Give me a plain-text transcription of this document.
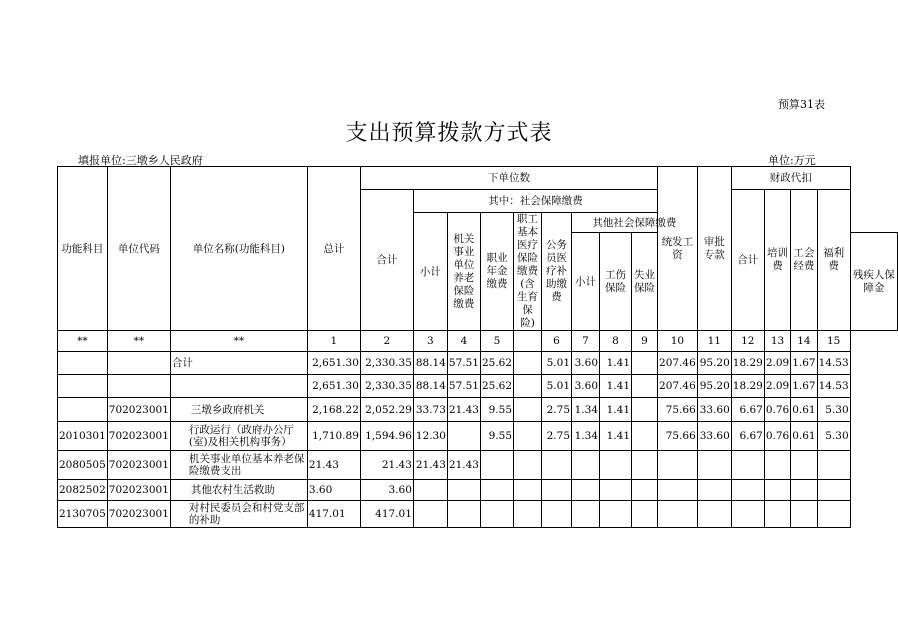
预算31表
支出预算拨款方式表
填报单位:三墩乡人民政府	单位:万元
功能科目	单位代码	单位名称(功能科目)	总计	下单位数									统发工资	审批专款	财政代扣				
				合计	其中：社会保障缴费										合计	培训费	工会经费	福利费	
					小计	机关事业单位养老保险缴费	职业年金缴费	职工基本医疗保险缴费(含生育保险)	公务员医疗补助缴费	其他社会保障缴费									
										小计	工伤保险	失业保险							残疾人保障金

**	**	**	1	2	3	4	5		6	7	8	9	10	11	12	13	14	15	
		合计	2,651.30	2,330.35	88.14	57.51	25.62		5.01	3.60	1.41		207.46	95.20	18.29	2.09	1.67	14.53	
			2,651.30	2,330.35	88.14	57.51	25.62		5.01	3.60	1.41		207.46	95.20	18.29	2.09	1.67	14.53	
	702023001	三墩乡政府机关	2,168.22	2,052.29	33.73	21.43	9.55		2.75	1.34	1.41		75.66	33.60	6.67	0.76	0.61	5.30	
2010301	702023001	行政运行（政府办公厅(室)及相关机构事务）	1,710.89	1,594.96	12.30		9.55		2.75	1.34	1.41		75.66	33.60	6.67	0.76	0.61	5.30	
2080505	702023001	机关事业单位基本养老保险缴费支出	21.43	21.43	21.43	21.43													
2082502	702023001	其他农村生活救助	3.60	3.60															
2130705	702023001	对村民委员会和村党支部的补助	417.01	417.01															
